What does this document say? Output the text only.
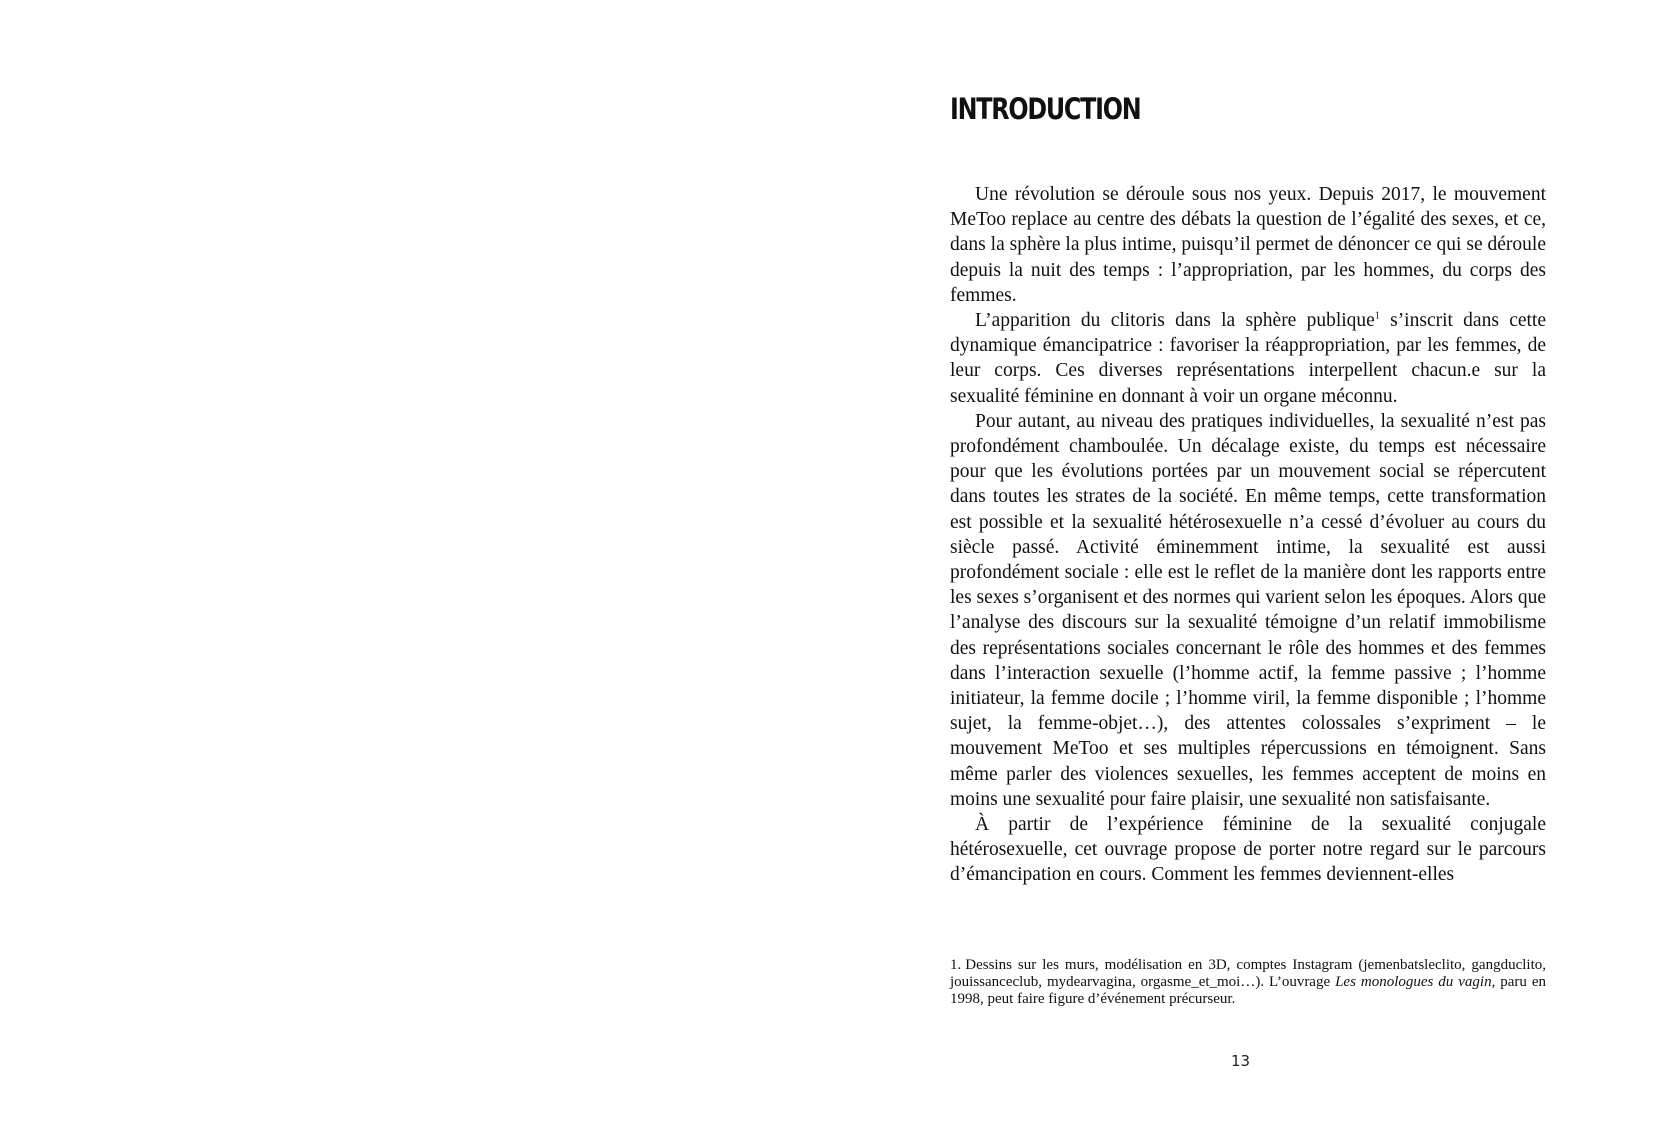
INTRODUCTION

Une révolution se déroule sous nos yeux. Depuis 2017, le mouvement MeToo replace au centre des débats la question de l’égalité des sexes, et ce, dans la sphère la plus intime, puisqu’il permet de dénoncer ce qui se déroule depuis la nuit des temps : l’appropriation, par les hommes, du corps des femmes.

L’apparition du clitoris dans la sphère publique$^1$ s’inscrit dans cette dynamique émancipatrice : favoriser la réappropriation, par les femmes, de leur corps. Ces diverses représentations interpellent chacun.e sur la sexualité féminine en donnant à voir un organe méconnu.

Pour autant, au niveau des pratiques individuelles, la sexualité n’est pas profondément chamboulée. Un décalage existe, du temps est nécessaire pour que les évolutions portées par un mouvement social se répercutent dans toutes les strates de la société. En même temps, cette transformation est possible et la sexualité hétérosexuelle n’a cessé d’évoluer au cours du siècle passé. Activité éminemment intime, la sexualité est aussi profondément sociale : elle est le reflet de la manière dont les rapports entre les sexes s’organisent et des normes qui varient selon les époques. Alors que l’analyse des discours sur la sexualité témoigne d’un relatif immobilisme des représentations sociales concernant le rôle des hommes et des femmes dans l’interaction sexuelle (l’homme actif, la femme passive ; l’homme initiateur, la femme docile ; l’homme viril, la femme disponible ; l’homme sujet, la femme-objet…), des attentes colossales s’expriment – le mouvement MeToo et ses multiples répercussions en témoignent. Sans même parler des violences sexuelles, les femmes acceptent de moins en moins une sexualité pour faire plaisir, une sexualité non satisfaisante.

À partir de l’expérience féminine de la sexualité conjugale hétérosexuelle, cet ouvrage propose de porter notre regard sur le parcours d’émancipation en cours. Comment les femmes deviennent-elles

1. Dessins sur les murs, modélisation en 3D, comptes Instagram (jemenbatsleclito, gangduclito, jouissanceclub, mydearvagina, orgasme_et_moi…). L’ouvrage Les monologues du vagin, paru en 1998, peut faire figure d’événement précurseur.

13
